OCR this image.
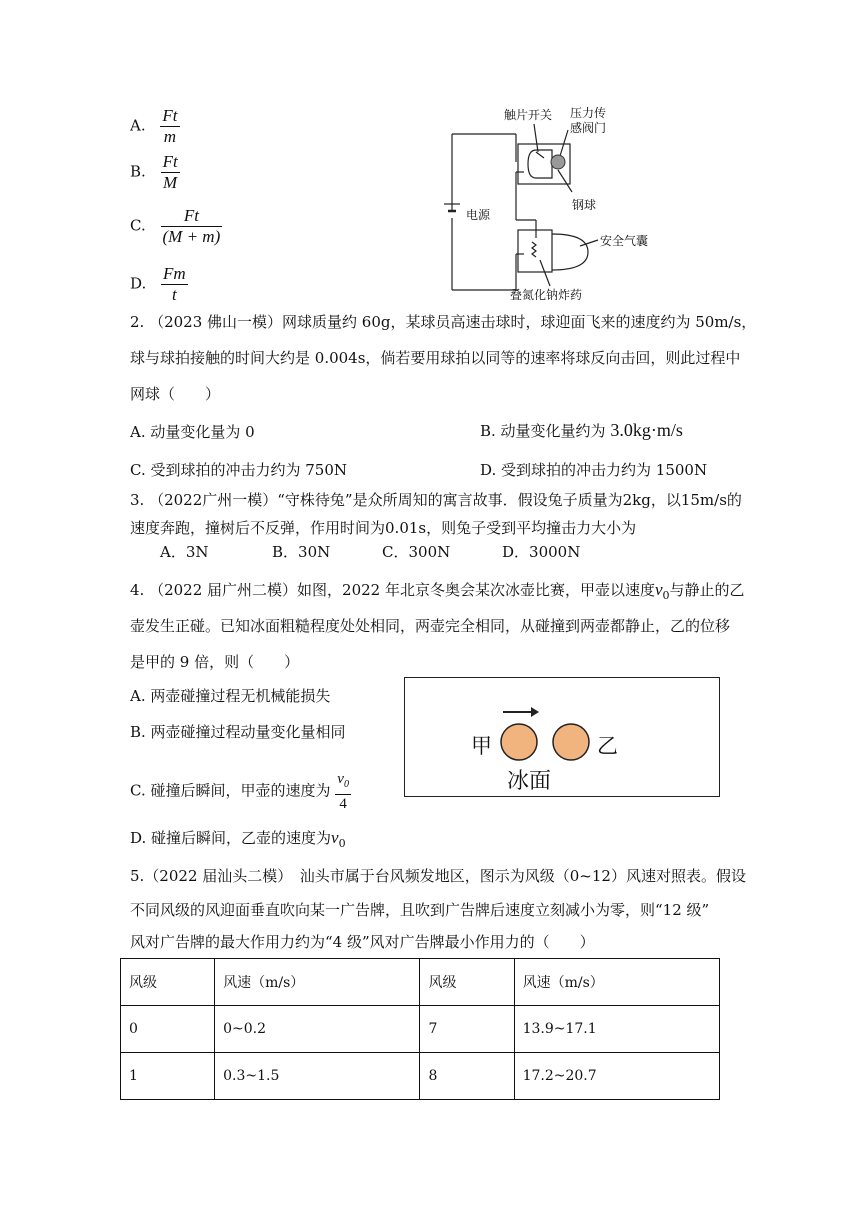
A. $\frac{Ft}{m}$
B. $\frac{Ft}{M}$
C. $\frac{Ft}{(M + m)}$
D. $\frac{Fm}{t}$
触片开关 压力传
感阀门
电源
钢球
安全气囊
叠氮化钠炸药
2. （2023 佛山一模）网球质量约 60g，某球员高速击球时，球迎面飞来的速度约为 50m/s，
球与球拍接触的时间大约是 0.004s，倘若要用球拍以同等的速率将球反向击回，则此过程中
网球（　　）
A. 动量变化量为 0	B. 动量变化量约为 3.0kg·m/s
C. 受到球拍的冲击力约为 750N	D. 受到球拍的冲击力约为 1500N
3. （2022广州一模）“守株待兔”是众所周知的寓言故事．假设兔子质量为2kg，以15m/s的
速度奔跑，撞树后不反弹，作用时间为0.01s，则兔子受到平均撞击力大小为
A．3N	B．30N	C．300N	D．3000N
4. （2022 届广州二模）如图，2022 年北京冬奥会某次冰壶比赛，甲壶以速度$v_0$与静止的乙
壶发生正碰。已知冰面粗糙程度处处相同，两壶完全相同，从碰撞到两壶都静止，乙的位移
是甲的 9 倍，则（　　）
A. 两壶碰撞过程无机械能损失
B. 两壶碰撞过程动量变化量相同
C. 碰撞后瞬间，甲壶的速度为 $\frac{v_0}{4}$
D. 碰撞后瞬间，乙壶的速度为$v_0$
甲	乙
冰面
5.（2022 届汕头二模）　汕头市属于台风频发地区，图示为风级（0~12）风速对照表。假设
不同风级的风迎面垂直吹向某一广告牌，且吹到广告牌后速度立刻减小为零，则“12 级”
风对广告牌的最大作用力约为“4 级”风对广告牌最小作用力的（　　）
风级	风速（m/s）	风级	风速（m/s）
0	0~0.2	7	13.9~17.1
1	0.3~1.5	8	17.2~20.7
